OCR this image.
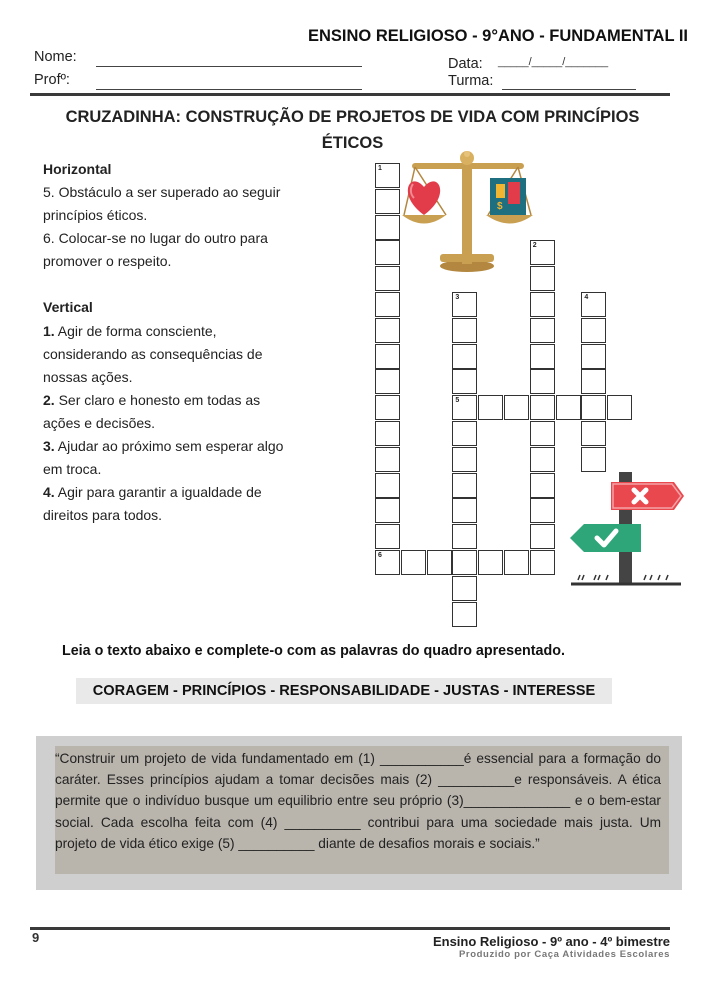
ENSINO RELIGIOSO - 9°ANO - FUNDAMENTAL II
Nome:
Profº:
Data: _____/_____/_______
Turma:
CRUZADINHA: CONSTRUÇÃO DE PROJETOS DE VIDA COM PRINCÍPIOS
ÉTICOS
Horizontal
5. Obstáculo a ser superado ao seguir
princípios éticos.
6. Colocar-se no lugar do outro para
promover o respeito.
Vertical
1. Agir de forma consciente,
considerando as consequências de
nossas ações.
2. Ser claro e honesto em todas as
ações e decisões.
3. Ajudar ao próximo sem esperar algo
em troca.
4. Agir para garantir a igualdade de
direitos para todos.
1
6
2
3
5
4
$
Leia o texto abaixo e complete-o com as palavras do quadro apresentado.
CORAGEM - PRINCÍPIOS - RESPONSABILIDADE - JUSTAS - INTERESSE
“Construir um projeto de vida fundamentado em (1) ___________é essencial para a formação do caráter. Esses princípios ajudam a tomar decisões mais (2) __________e responsáveis. A ética permite que o indivíduo busque um equilibrio entre seu próprio (3)______________ e o bem-estar social. Cada escolha feita com (4) __________ contribui para uma sociedade mais justa. Um projeto de vida ético exige (5) __________ diante de desafios morais e sociais.”
9	Ensino Religioso - 9º ano - 4º bimestre
Produzido por Caça Atividades Escolares
